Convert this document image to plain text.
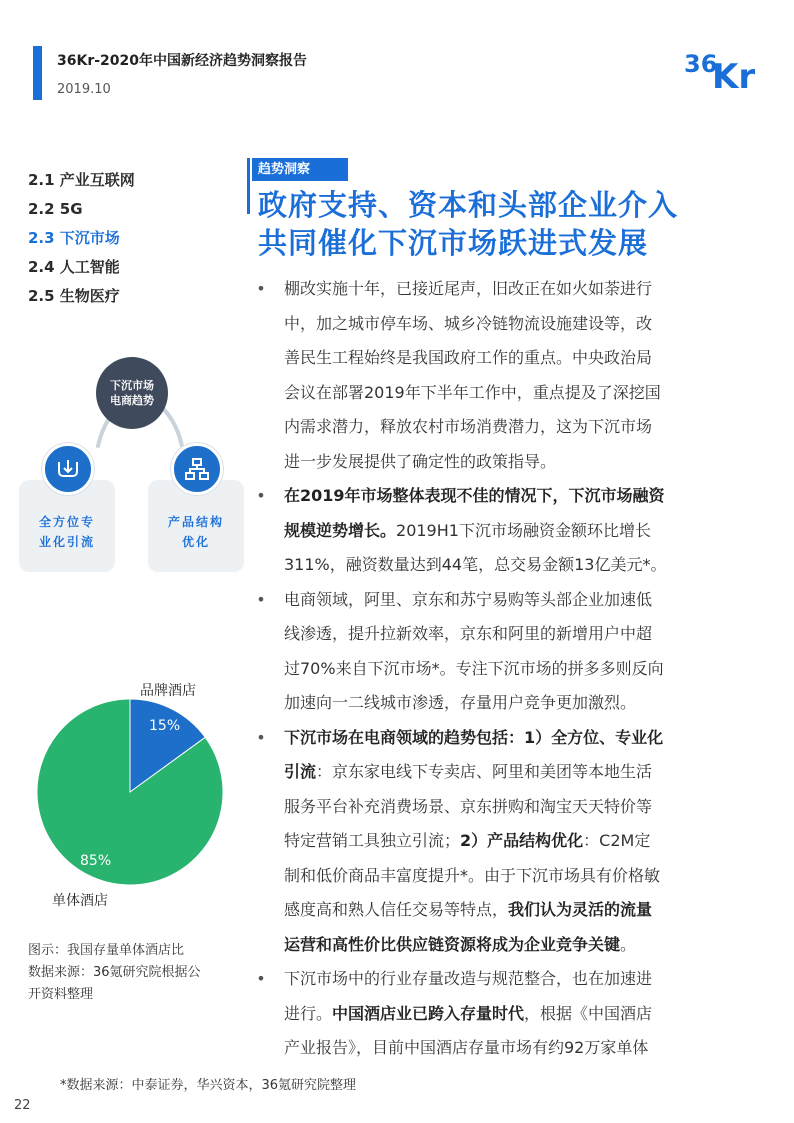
36Kr-2020年中国新经济趋势洞察报告
2019.10
36
Kr
2.1 产业互联网
2.2 5G
2.3 下沉市场
2.4 人工智能
2.5 生物医疗
下沉市场
电商趋势
全方位专
业化引流
产品结构
优化
品牌酒店
15%
85%
单体酒店
图示：我国存量单体酒店比
数据来源：36氪研究院根据公
开资料整理
趋势洞察
政府支持、资本和头部企业介入
共同催化下沉市场跃进式发展
• 棚改实施十年，已接近尾声，旧改正在如火如荼进行
中，加之城市停车场、城乡冷链物流设施建设等，改
善民生工程始终是我国政府工作的重点。中央政治局
会议在部署2019年下半年工作中，重点提及了深挖国
内需求潜力，释放农村市场消费潜力，这为下沉市场
进一步发展提供了确定性的政策指导。
• 在2019年市场整体表现不佳的情况下，下沉市场融资
规模逆势增长。2019H1下沉市场融资金额环比增长
311%，融资数量达到44笔，总交易金额13亿美元*。
• 电商领域，阿里、京东和苏宁易购等头部企业加速低
线渗透，提升拉新效率，京东和阿里的新增用户中超
过70%来自下沉市场*。专注下沉市场的拼多多则反向
加速向一二线城市渗透，存量用户竞争更加激烈。
• 下沉市场在电商领域的趋势包括：1）全方位、专业化
引流：京东家电线下专卖店、阿里和美团等本地生活
服务平台补充消费场景、京东拼购和淘宝天天特价等
特定营销工具独立引流；2）产品结构优化：C2M定
制和低价商品丰富度提升*。由于下沉市场具有价格敏
感度高和熟人信任交易等特点，我们认为灵活的流量
运营和高性价比供应链资源将成为企业竞争关键。
• 下沉市场中的行业存量改造与规范整合，也在加速进
进行。中国酒店业已跨入存量时代，根据《中国酒店
产业报告》，目前中国酒店存量市场有约92万家单体
*数据来源：中泰证券，华兴资本，36氪研究院整理
22
